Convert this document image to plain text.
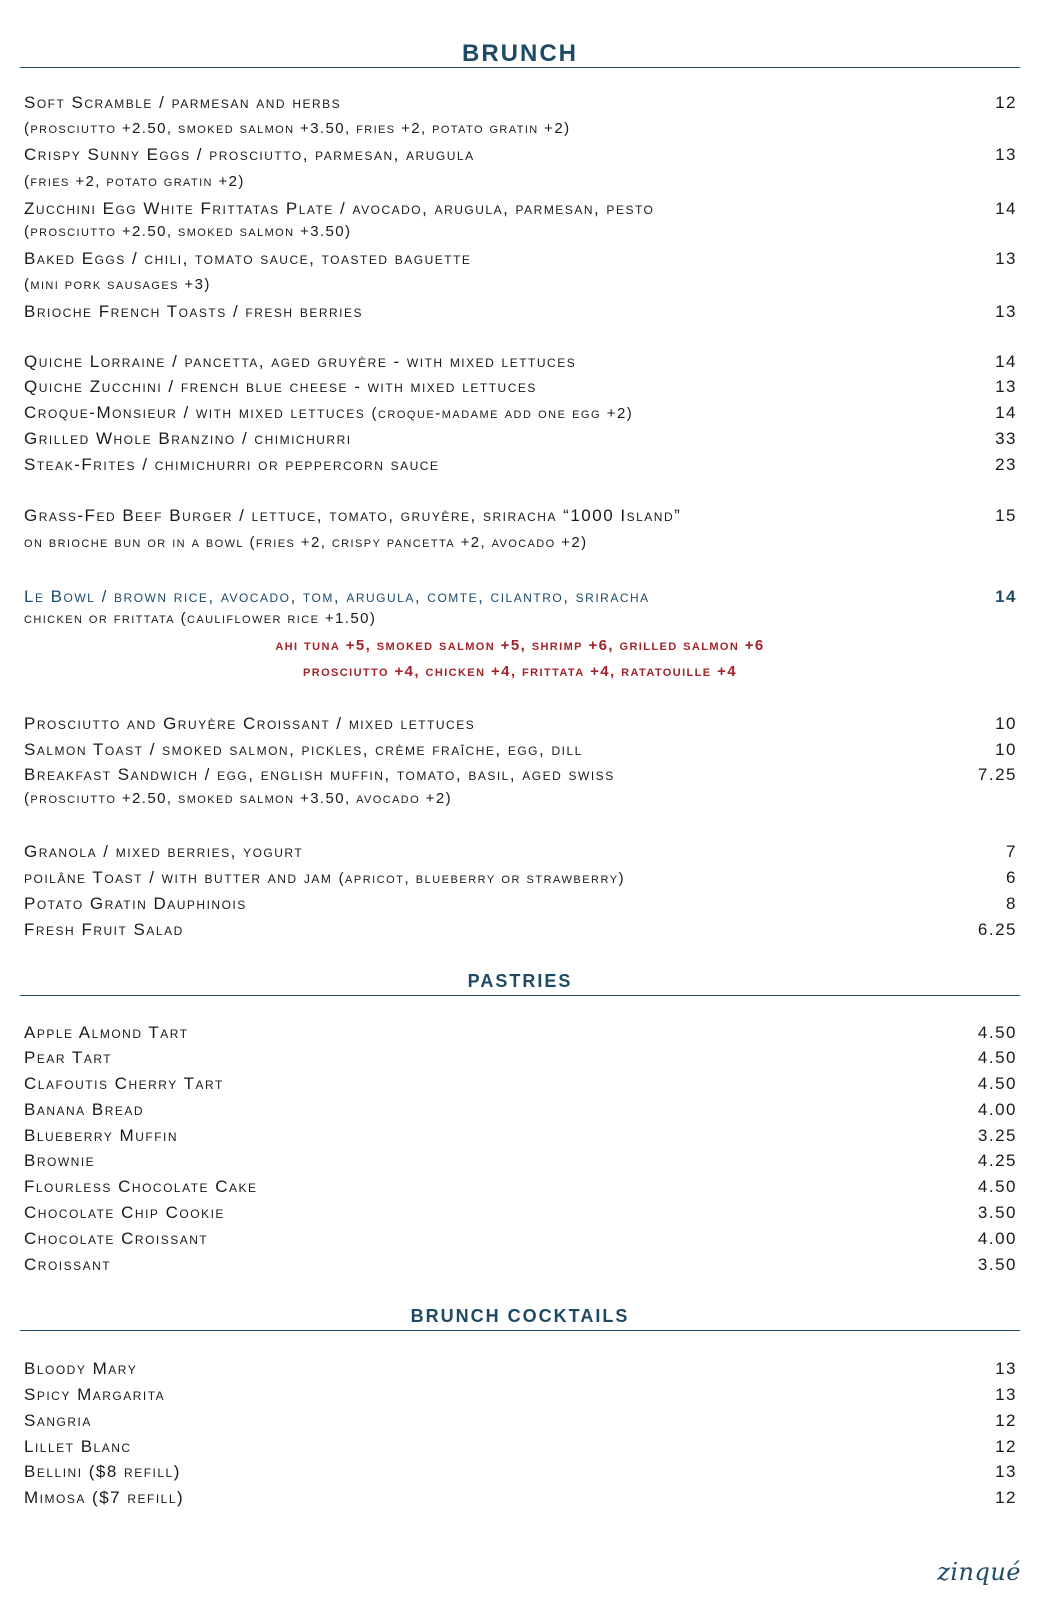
BRUNCH
Soft Scramble / parmesan and herbs	12
(prosciutto +2.50, smoked salmon +3.50, fries +2, potato gratin +2)
Crispy Sunny Eggs / prosciutto, parmesan, arugula	13
(fries +2, potato gratin +2)
Zucchini Egg White Frittatas Plate / avocado, arugula, parmesan, pesto	14
(prosciutto +2.50, smoked salmon +3.50)
Baked Eggs / chili, tomato sauce, toasted baguette	13
(mini pork sausages +3)
Brioche French Toasts / fresh berries	13
Quiche Lorraine / pancetta, aged gruyère - with mixed lettuces	14
Quiche Zucchini / french blue cheese - with mixed lettuces	13
Croque-Monsieur / with mixed lettuces (croque-madame add one egg +2)	14
Grilled Whole Branzino / chimichurri	33
Steak-Frites / chimichurri or peppercorn sauce	23
Grass-Fed Beef Burger / lettuce, tomato, gruyère, sriracha “1000 Island”	15
on brioche bun or in a bowl (fries +2, crispy pancetta +2, avocado +2)
Le Bowl / brown rice, avocado, tom, arugula, comte, cilantro, sriracha	14
chicken or frittata (cauliflower rice +1.50)
ahi tuna +5, smoked salmon +5, shrimp +6, grilled salmon +6
prosciutto +4, chicken +4, frittata +4, ratatouille +4
Prosciutto and Gruyère Croissant / mixed lettuces	10
Salmon Toast / smoked salmon, pickles, crème fraîche, egg, dill	10
Breakfast Sandwich / egg, english muffin, tomato, basil, aged swiss	7.25
(prosciutto +2.50, smoked salmon +3.50, avocado +2)
Granola / mixed berries, yogurt	7
poilâne Toast / with butter and jam (apricot, blueberry or strawberry)	6
Potato Gratin Dauphinois	8
Fresh Fruit Salad	6.25
PASTRIES
Apple Almond Tart	4.50
Pear Tart	4.50
Clafoutis Cherry Tart	4.50
Banana Bread	4.00
Blueberry Muffin	3.25
Brownie	4.25
Flourless Chocolate Cake	4.50
Chocolate Chip Cookie	3.50
Chocolate Croissant	4.00
Croissant	3.50
BRUNCH COCKTAILS
Bloody Mary	13
Spicy Margarita	13
Sangria	12
Lillet Blanc	12
Bellini ($8 refill)	13
Mimosa ($7 refill)	12
zinqué
